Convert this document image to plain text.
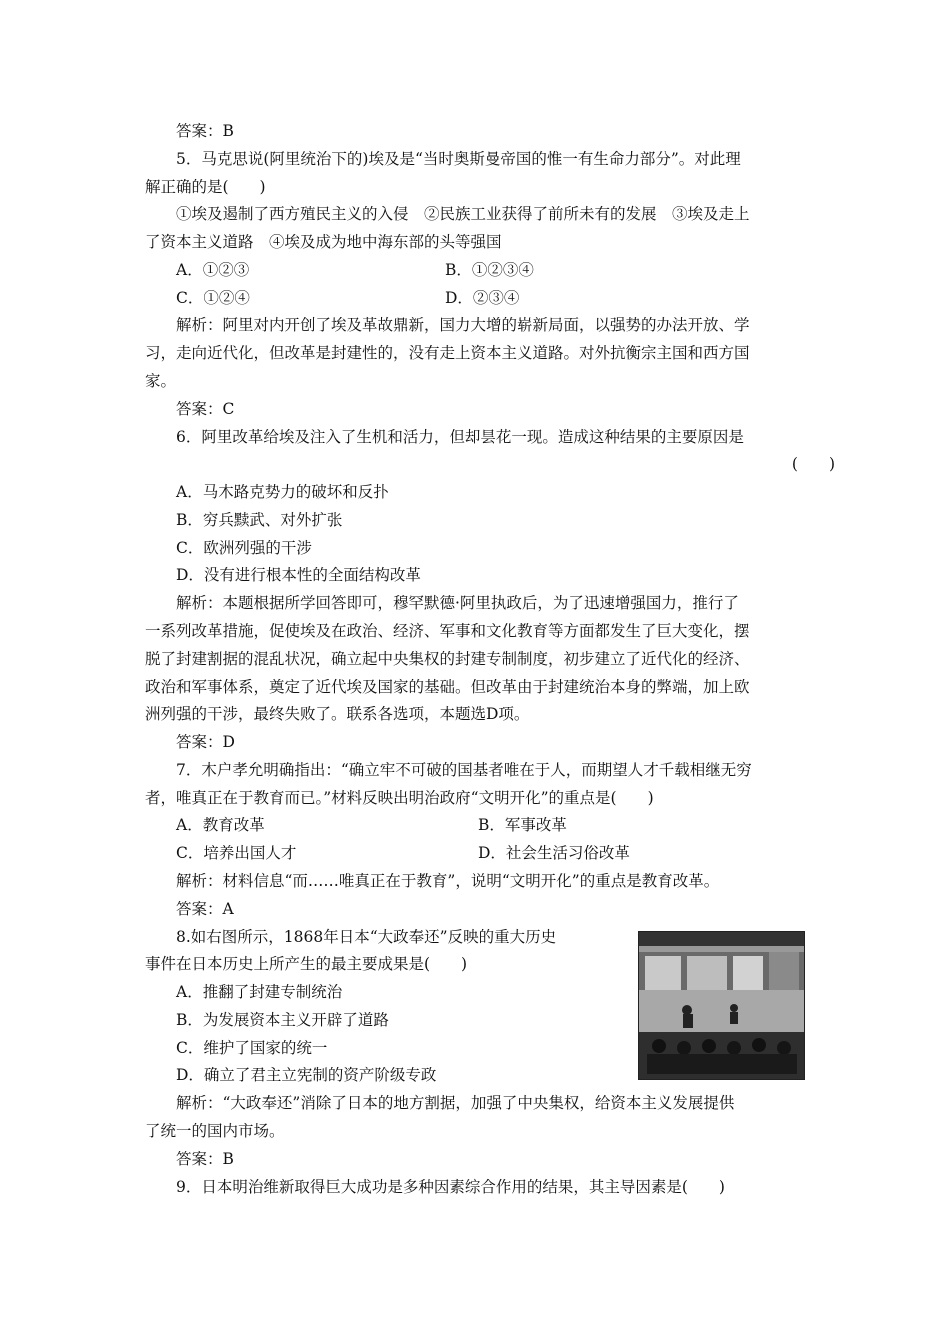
答案：B
5．马克思说(阿里统治下的)埃及是“当时奥斯曼帝国的惟一有生命力部分”。对此理
解正确的是(　　)
①埃及遏制了西方殖民主义的入侵　②民族工业获得了前所未有的发展　③埃及走上
了资本主义道路　④埃及成为地中海东部的头等强国
A．①②③	B．①②③④
C．①②④	D．②③④
解析：阿里对内开创了埃及革故鼎新，国力大增的崭新局面，以强势的办法开放、学
习，走向近代化，但改革是封建性的，没有走上资本主义道路。对外抗衡宗主国和西方国
家。
答案：C
6．阿里改革给埃及注入了生机和活力，但却昙花一现。造成这种结果的主要原因是
(　　)
A．马木路克势力的破坏和反扑
B．穷兵黩武、对外扩张
C．欧洲列强的干涉
D．没有进行根本性的全面结构改革
解析：本题根据所学回答即可，穆罕默德·阿里执政后，为了迅速增强国力，推行了
一系列改革措施，促使埃及在政治、经济、军事和文化教育等方面都发生了巨大变化，摆
脱了封建割据的混乱状况，确立起中央集权的封建专制制度，初步建立了近代化的经济、
政治和军事体系，奠定了近代埃及国家的基础。但改革由于封建统治本身的弊端，加上欧
洲列强的干涉，最终失败了。联系各选项，本题选D项。
答案：D
7．木户孝允明确指出：“确立牢不可破的国基者唯在于人，而期望人才千载相继无穷
者，唯真正在于教育而已。”材料反映出明治政府“文明开化”的重点是(　　)
A．教育改革	B．军事改革
C．培养出国人才	D．社会生活习俗改革
解析：材料信息“而……唯真正在于教育”，说明“文明开化”的重点是教育改革。
答案：A
8.如右图所示，1868年日本“大政奉还”反映的重大历史
事件在日本历史上所产生的最主要成果是(　　)
A．推翻了封建专制统治
B．为发展资本主义开辟了道路
C．维护了国家的统一
D．确立了君主立宪制的资产阶级专政
解析：“大政奉还”消除了日本的地方割据，加强了中央集权，给资本主义发展提供
了统一的国内市场。
答案：B
9．日本明治维新取得巨大成功是多种因素综合作用的结果，其主导因素是(　　)
